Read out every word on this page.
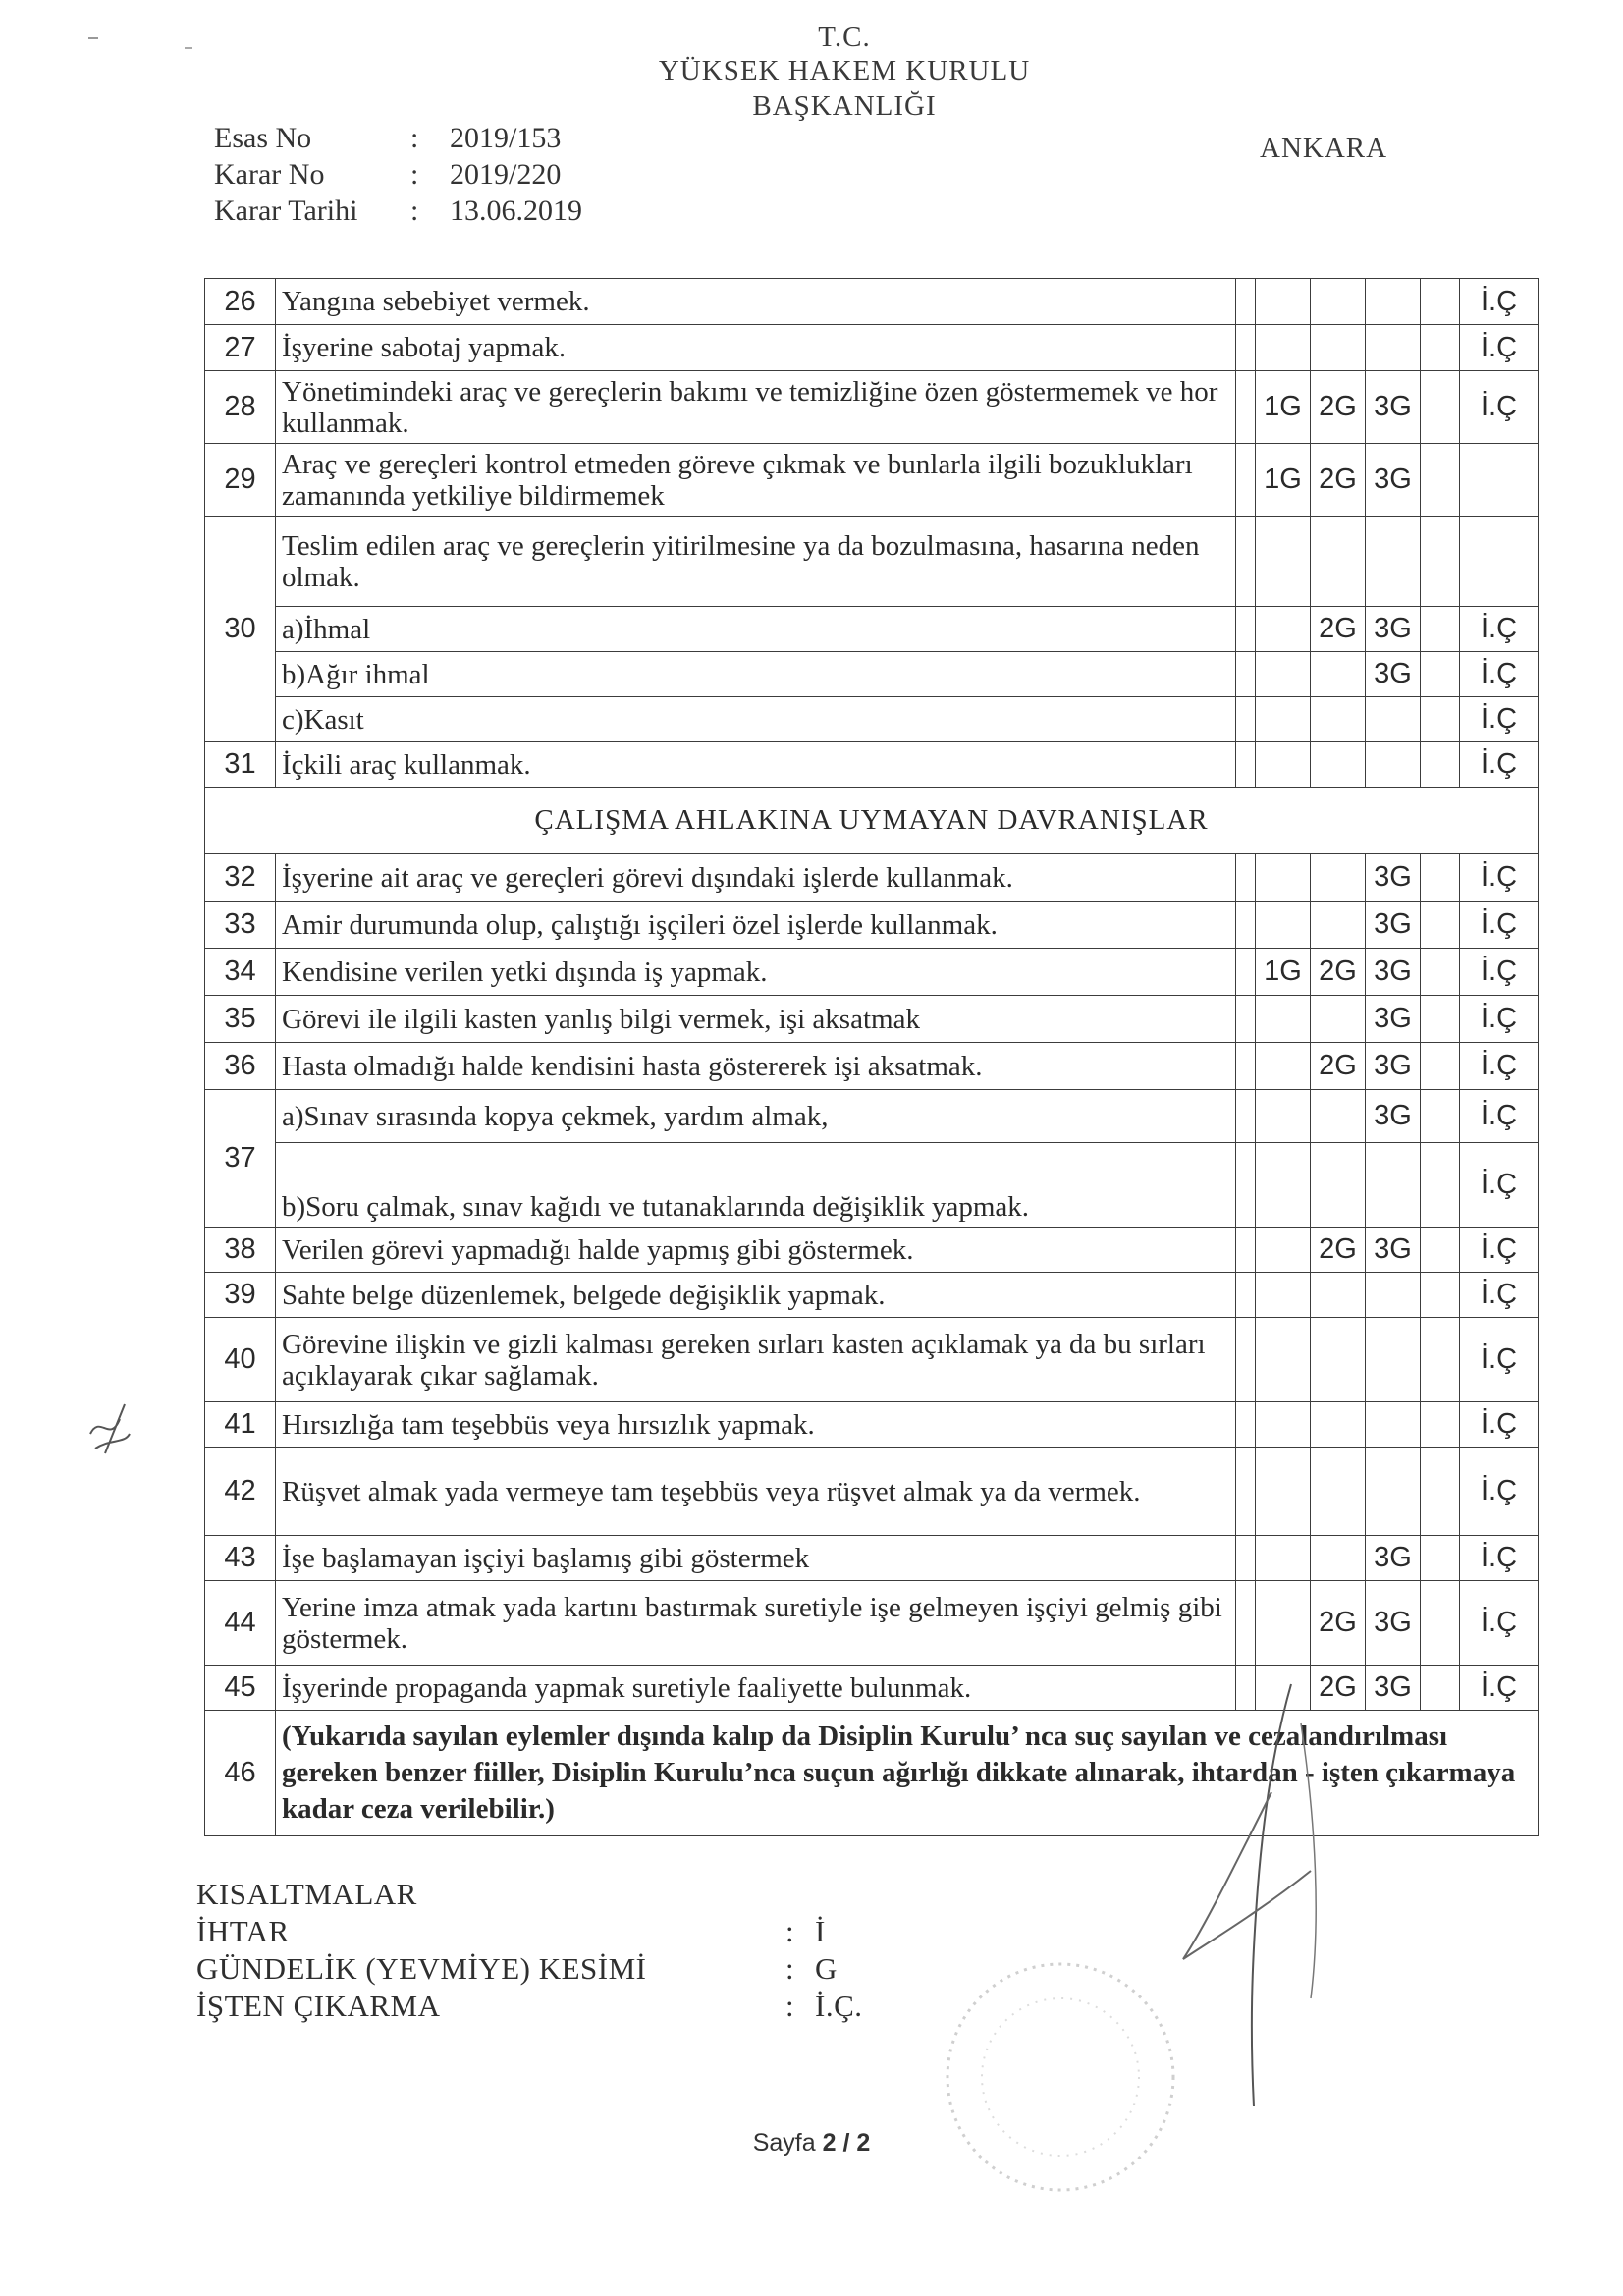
T.C.
YÜKSEK HAKEM KURULU
BAŞKANLIĞI
ANKARA
Esas No	:	2019/153
Karar No	:	2019/220
Karar Tarihi	:	13.06.2019
26	Yangına sebebiyet vermek.						İ.Ç
27	İşyerine sabotaj yapmak.						İ.Ç
28	Yönetimindeki araç ve gereçlerin bakımı ve temizliğine özen göstermemek ve hor kullanmak.		1G	2G	3G		İ.Ç
29	Araç ve gereçleri kontrol etmeden göreve çıkmak ve bunlarla ilgili bozuklukları zamanında yetkiliye bildirmemek		1G	2G	3G		
30	Teslim edilen araç ve gereçlerin yitirilmesine ya da bozulmasına, hasarına neden olmak.						
	a)İhmal			2G	3G		İ.Ç
	b)Ağır ihmal				3G		İ.Ç
	c)Kasıt						İ.Ç
31	İçkili araç kullanmak.						İ.Ç
ÇALIŞMA AHLAKINA UYMAYAN DAVRANIŞLAR							
32	İşyerine ait araç ve gereçleri görevi dışındaki işlerde kullanmak.				3G		İ.Ç
33	Amir durumunda olup, çalıştığı işçileri özel işlerde kullanmak.				3G		İ.Ç
34	Kendisine verilen yetki dışında iş yapmak.		1G	2G	3G		İ.Ç
35	Görevi ile ilgili kasten yanlış bilgi vermek, işi aksatmak				3G		İ.Ç
36	Hasta olmadığı halde kendisini hasta göstererek işi aksatmak.			2G	3G		İ.Ç
37	a)Sınav sırasında kopya çekmek, yardım almak,				3G		İ.Ç
	b)Soru çalmak, sınav kağıdı ve tutanaklarında değişiklik yapmak.						İ.Ç
38	Verilen görevi yapmadığı halde yapmış gibi göstermek.			2G	3G		İ.Ç
39	Sahte belge düzenlemek, belgede değişiklik yapmak.						İ.Ç
40	Görevine ilişkin ve gizli kalması gereken sırları kasten açıklamak ya da bu sırları açıklayarak çıkar sağlamak.						İ.Ç
41	Hırsızlığa tam teşebbüs veya hırsızlık yapmak.						İ.Ç
42	Rüşvet almak yada vermeye tam teşebbüs veya rüşvet almak ya da vermek.						İ.Ç
43	İşe başlamayan işçiyi başlamış gibi göstermek				3G		İ.Ç
44	Yerine imza atmak yada kartını bastırmak suretiyle işe gelmeyen işçiyi gelmiş gibi göstermek.			2G	3G		İ.Ç
45	İşyerinde propaganda yapmak suretiyle faaliyette bulunmak.			2G	3G		İ.Ç
46	(Yukarıda sayılan eylemler dışında kalıp da Disiplin Kurulu’ nca suç sayılan ve cezalandırılması gereken benzer fiiller, Disiplin Kurulu’nca suçun ağırlığı dikkate alınarak, ihtardan - işten çıkarmaya kadar ceza verilebilir.)						
KISALTMALAR
İHTAR	: İ
GÜNDELİK (YEVMİYE) KESİMİ	: G
İŞTEN ÇIKARMA	: İ.Ç.
Sayfa 2 / 2
